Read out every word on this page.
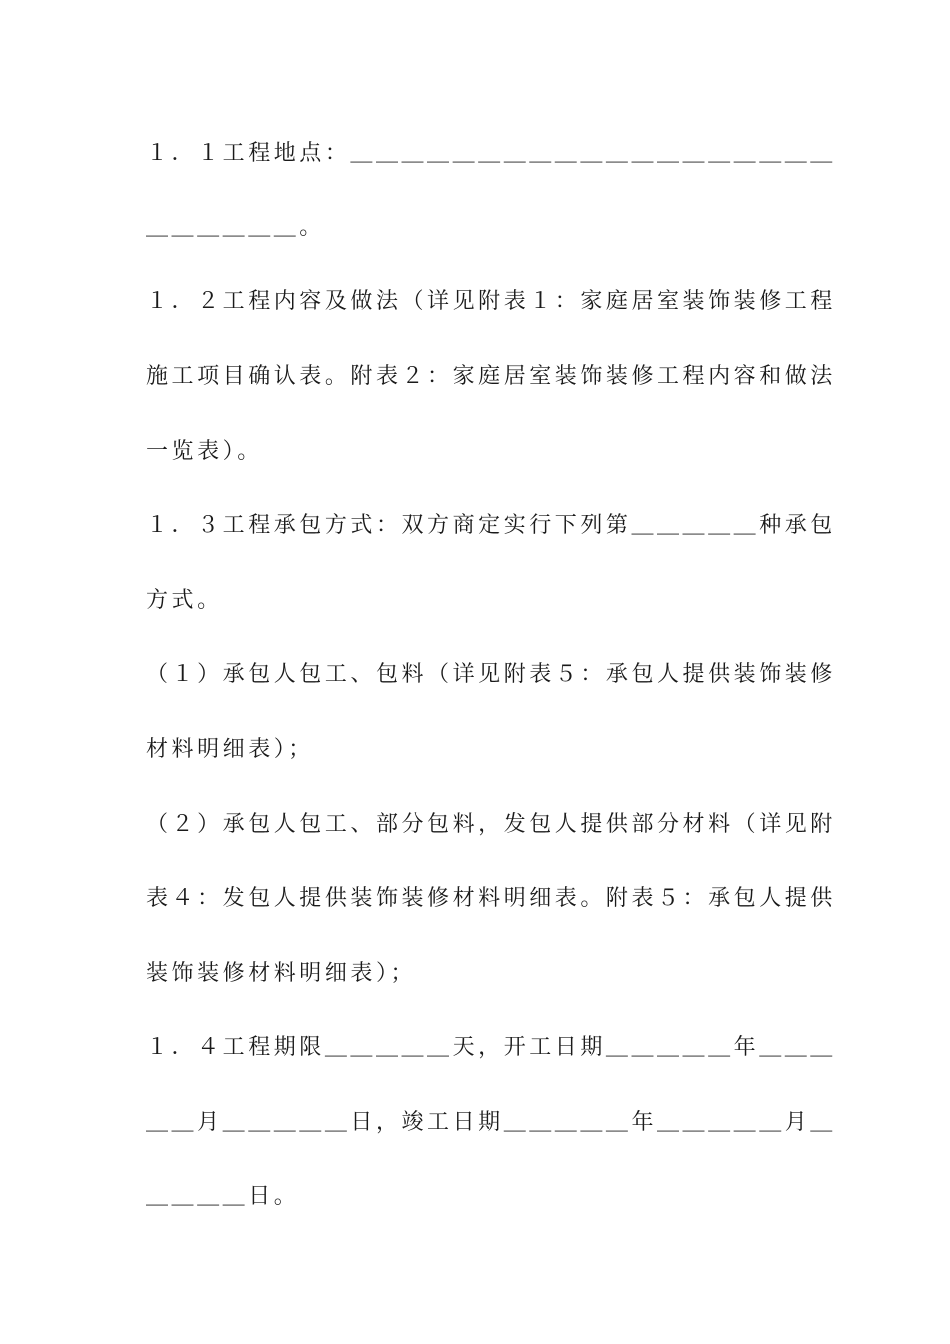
１．１工程地点：＿＿＿＿＿＿＿＿＿＿＿＿＿＿＿＿＿＿＿
＿＿＿＿＿＿。
１．２工程内容及做法（详见附表１：家庭居室装饰装修工程
施工项目确认表。附表２：家庭居室装饰装修工程内容和做法
一览表）。
１．３工程承包方式：双方商定实行下列第＿＿＿＿＿种承包
方式。
（１）承包人包工、包料（详见附表５：承包人提供装饰装修
材料明细表）；
（２）承包人包工、部分包料，发包人提供部分材料（详见附
表４：发包人提供装饰装修材料明细表。附表５：承包人提供
装饰装修材料明细表）；
１．４工程期限＿＿＿＿＿天，开工日期＿＿＿＿＿年＿＿＿
＿＿月＿＿＿＿＿日，竣工日期＿＿＿＿＿年＿＿＿＿＿月＿
＿＿＿＿日。
